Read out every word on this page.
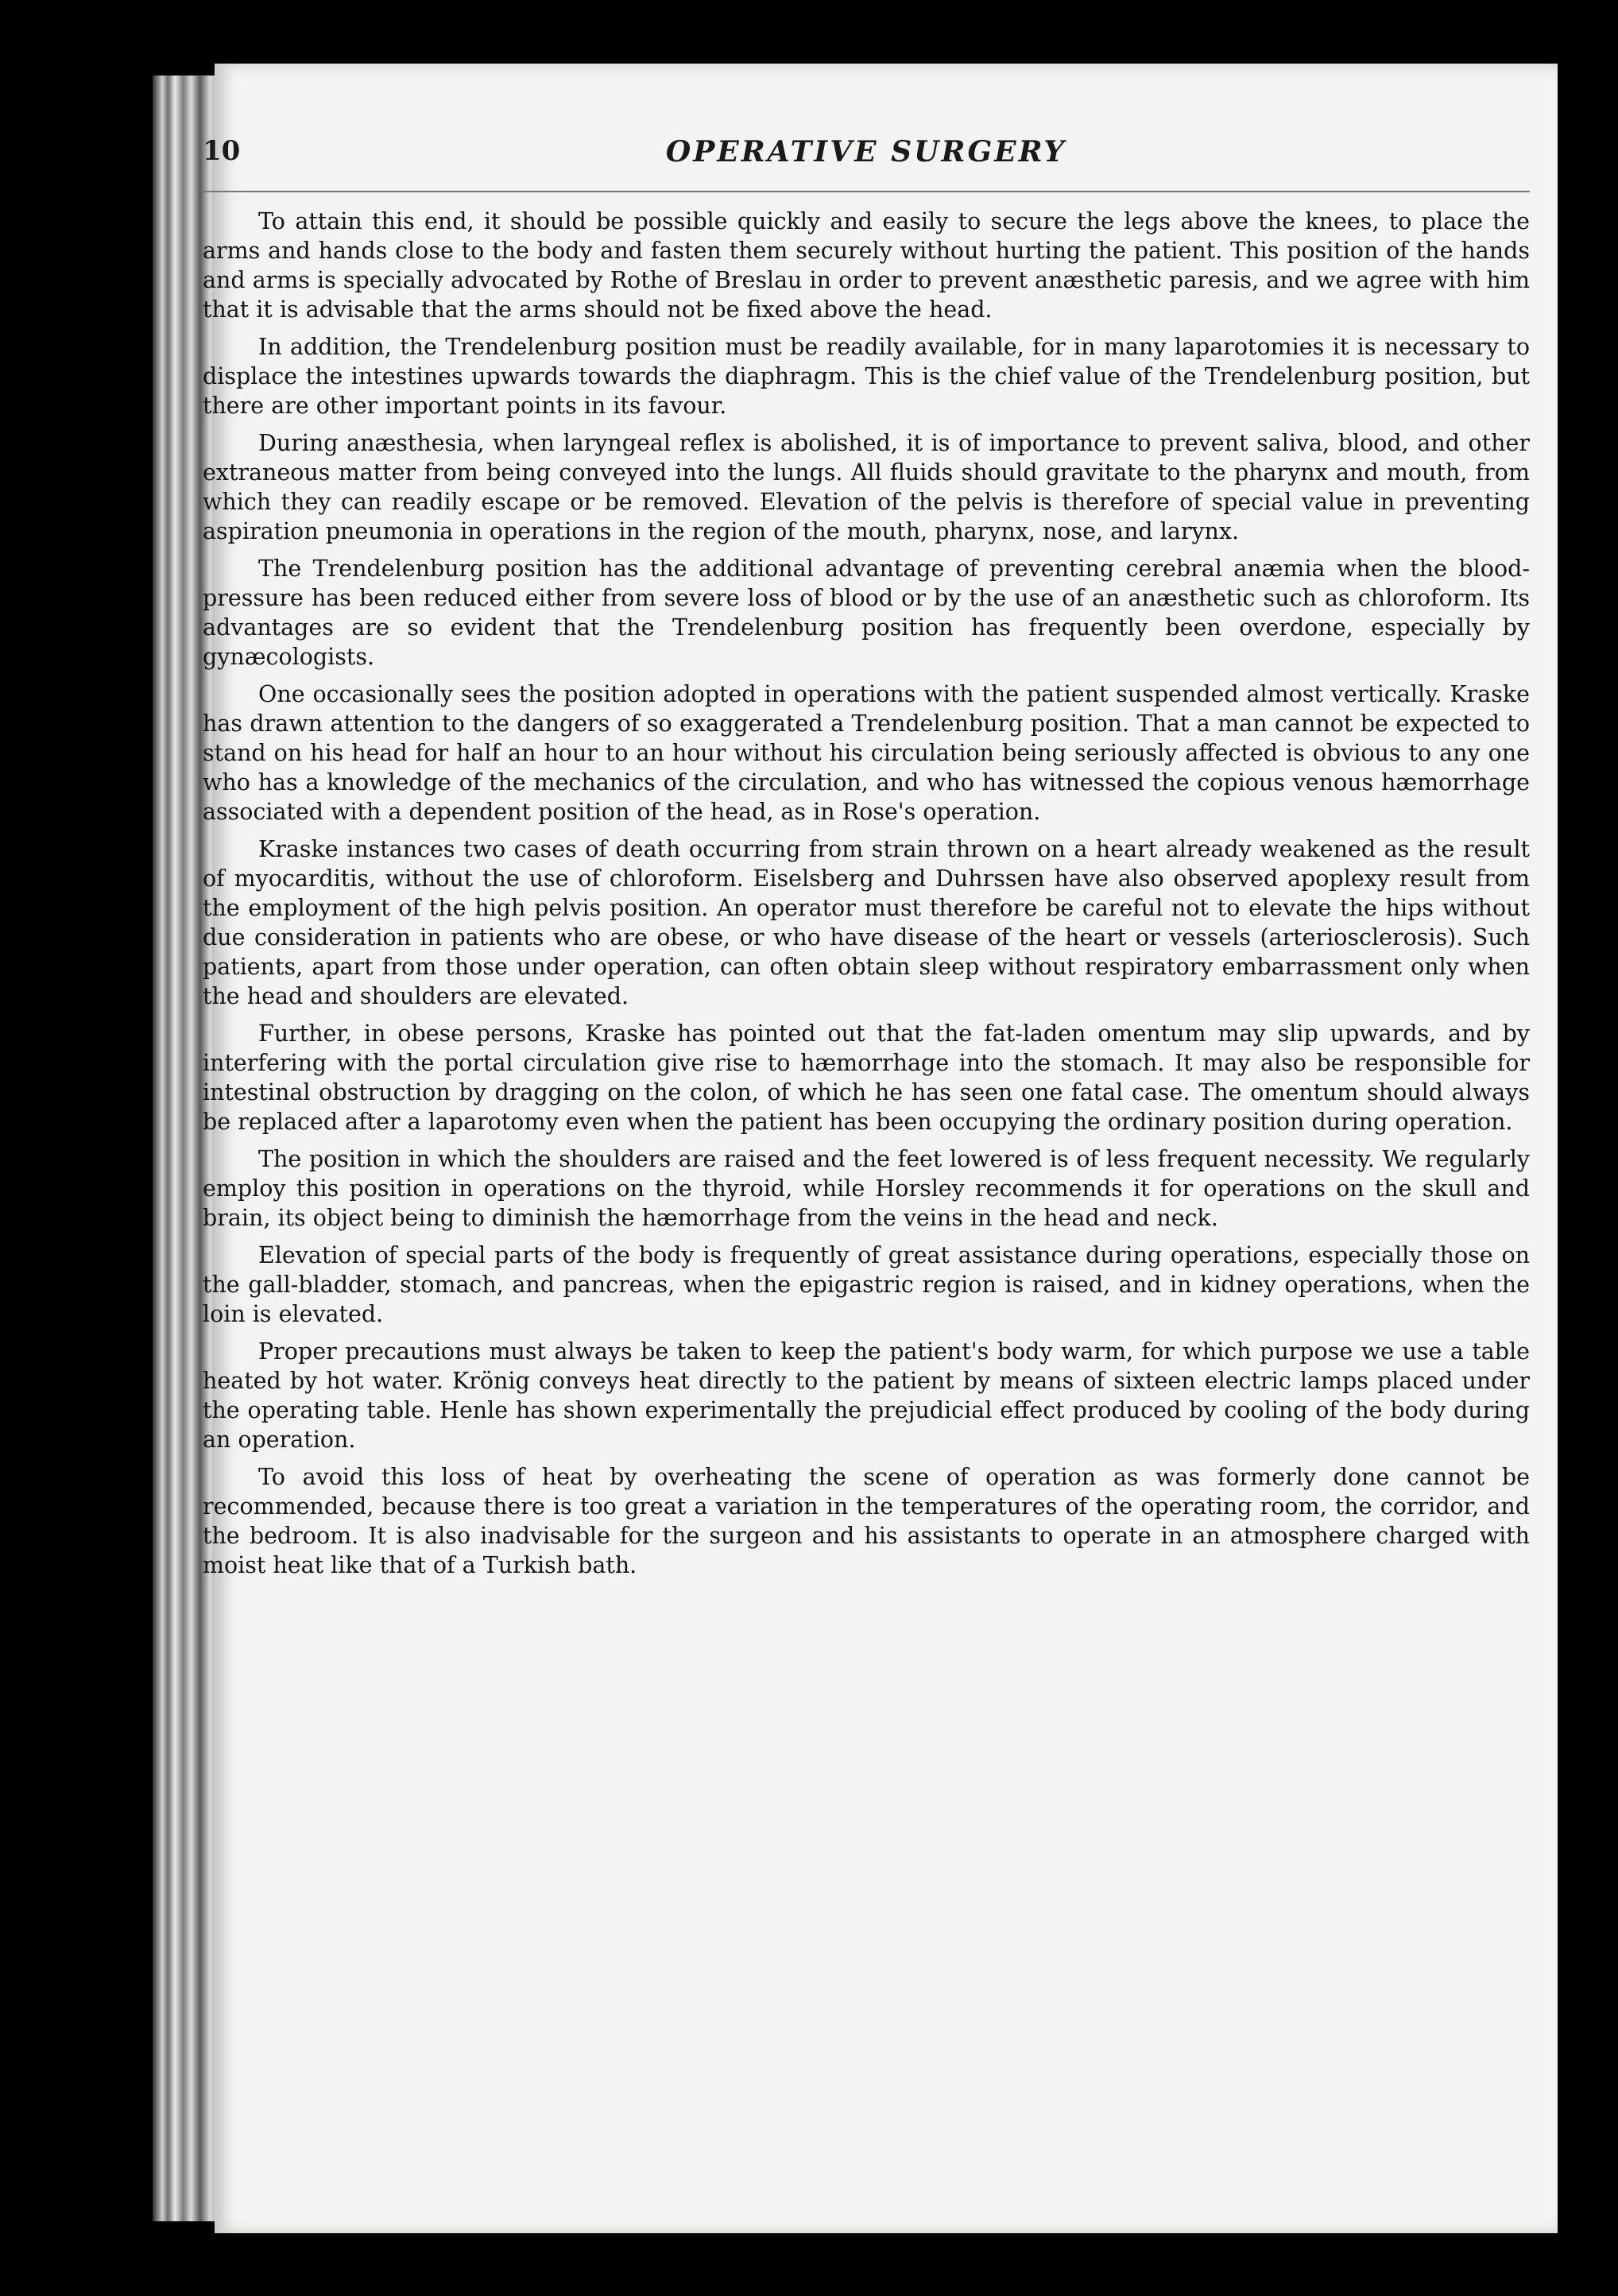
10	OPERATIVE SURGERY

To attain this end, it should be possible quickly and easily to secure the legs above the knees, to place the arms and hands close to the body and fasten them securely without hurting the patient. This position of the hands and arms is specially advocated by Rothe of Breslau in order to prevent anæsthetic paresis, and we agree with him that it is advisable that the arms should not be fixed above the head.

In addition, the Trendelenburg position must be readily available, for in many laparotomies it is necessary to displace the intestines upwards towards the diaphragm. This is the chief value of the Trendelenburg position, but there are other important points in its favour.

During anæsthesia, when laryngeal reflex is abolished, it is of importance to prevent saliva, blood, and other extraneous matter from being conveyed into the lungs. All fluids should gravitate to the pharynx and mouth, from which they can readily escape or be removed. Elevation of the pelvis is therefore of special value in preventing aspiration pneumonia in operations in the region of the mouth, pharynx, nose, and larynx.

The Trendelenburg position has the additional advantage of preventing cerebral anæmia when the blood-pressure has been reduced either from severe loss of blood or by the use of an anæsthetic such as chloroform. Its advantages are so evident that the Trendelenburg position has frequently been overdone, especially by gynæcologists.

One occasionally sees the position adopted in operations with the patient suspended almost vertically. Kraske has drawn attention to the dangers of so exaggerated a Trendelenburg position. That a man cannot be expected to stand on his head for half an hour to an hour without his circulation being seriously affected is obvious to any one who has a knowledge of the mechanics of the circulation, and who has witnessed the copious venous hæmorrhage associated with a dependent position of the head, as in Rose's operation.

Kraske instances two cases of death occurring from strain thrown on a heart already weakened as the result of myocarditis, without the use of chloroform. Eiselsberg and Duhrssen have also observed apoplexy result from the employment of the high pelvis position. An operator must therefore be careful not to elevate the hips without due consideration in patients who are obese, or who have disease of the heart or vessels (arteriosclerosis). Such patients, apart from those under operation, can often obtain sleep without respiratory embarrassment only when the head and shoulders are elevated.

Further, in obese persons, Kraske has pointed out that the fat-laden omentum may slip upwards, and by interfering with the portal circulation give rise to hæmorrhage into the stomach. It may also be responsible for intestinal obstruction by dragging on the colon, of which he has seen one fatal case. The omentum should always be replaced after a laparotomy even when the patient has been occupying the ordinary position during operation.

The position in which the shoulders are raised and the feet lowered is of less frequent necessity. We regularly employ this position in operations on the thyroid, while Horsley recommends it for operations on the skull and brain, its object being to diminish the hæmorrhage from the veins in the head and neck.

Elevation of special parts of the body is frequently of great assistance during operations, especially those on the gall-bladder, stomach, and pancreas, when the epigastric region is raised, and in kidney operations, when the loin is elevated.

Proper precautions must always be taken to keep the patient's body warm, for which purpose we use a table heated by hot water. Krönig conveys heat directly to the patient by means of sixteen electric lamps placed under the operating table. Henle has shown experimentally the prejudicial effect produced by cooling of the body during an operation.

To avoid this loss of heat by overheating the scene of operation as was formerly done cannot be recommended, because there is too great a variation in the temperatures of the operating room, the corridor, and the bedroom. It is also inadvisable for the surgeon and his assistants to operate in an atmosphere charged with moist heat like that of a Turkish bath.
